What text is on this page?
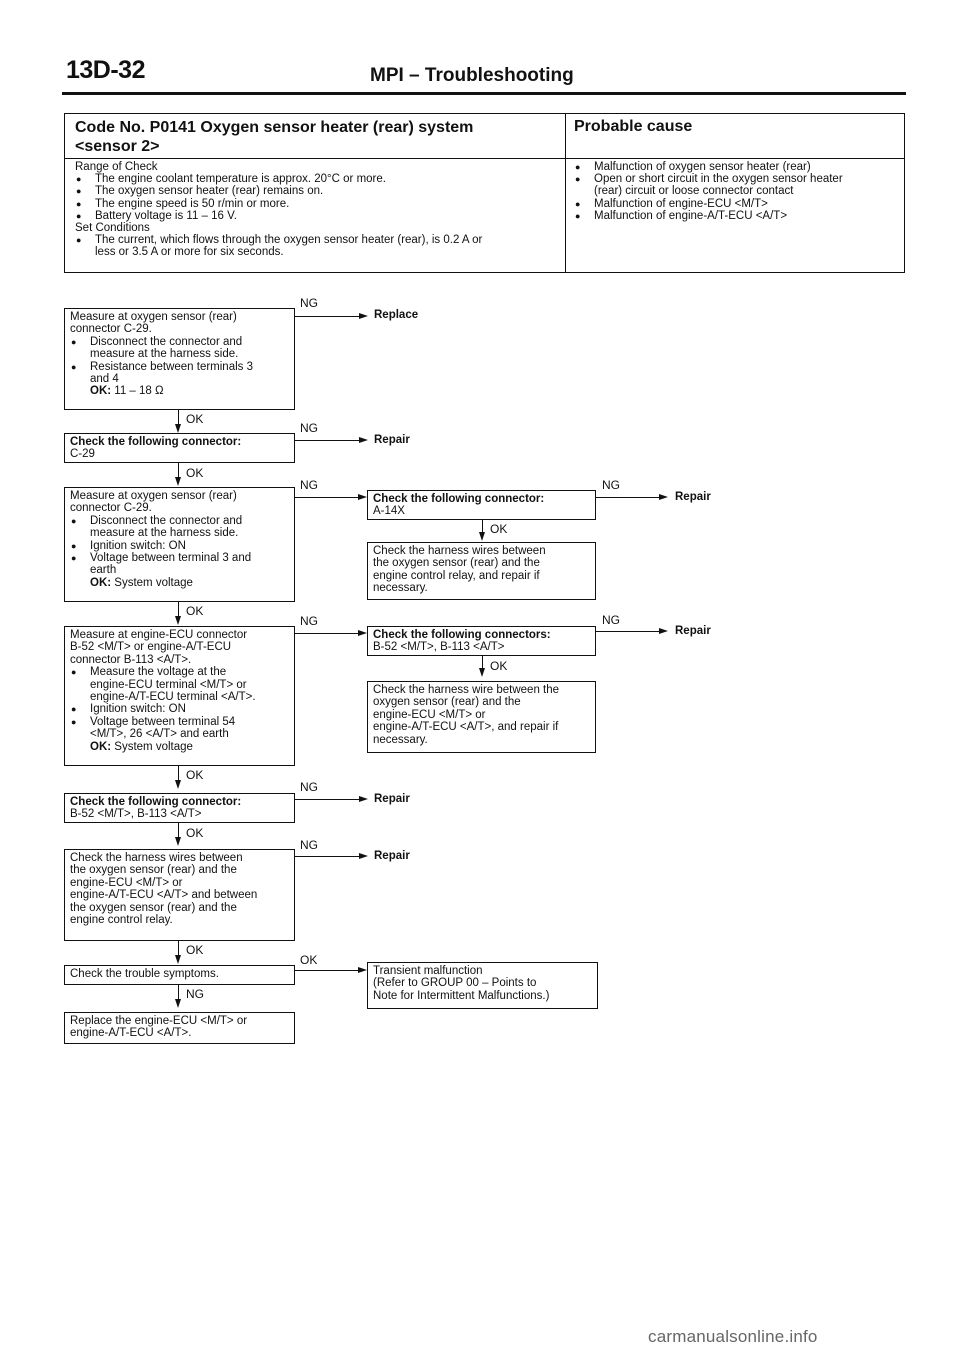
13D-32	MPI – Troubleshooting
Code No. P0141 Oxygen sensor heater (rear) system
<sensor 2>
Probable cause
Range of Check
● The engine coolant temperature is approx. 20°C or more.
● The oxygen sensor heater (rear) remains on.
● The engine speed is 50 r/min or more.
● Battery voltage is 11 – 16 V.
Set Conditions
● The current, which flows through the oxygen sensor heater (rear), is 0.2 A or
less or 3.5 A or more for six seconds.
● Malfunction of oxygen sensor heater (rear)
● Open or short circuit in the oxygen sensor heater
(rear) circuit or loose connector contact
● Malfunction of engine-ECU <M/T>
● Malfunction of engine-A/T-ECU <A/T>
Measure at oxygen sensor (rear)
connector C-29.
● Disconnect the connector and
measure at the harness side.
● Resistance between terminals 3
and 4
OK: 11 – 18 Ω
NG
Replace
OK
Check the following connector:
C-29
NG
Repair
OK
Measure at oxygen sensor (rear)
connector C-29.
● Disconnect the connector and
measure at the harness side.
● Ignition switch: ON
● Voltage between terminal 3 and
earth
OK: System voltage
NG
Check the following connector:
A-14X
NG
Repair
OK
Check the harness wires between
the oxygen sensor (rear) and the
engine control relay, and repair if
necessary.
OK
Measure at engine-ECU connector
B-52 <M/T> or engine-A/T-ECU
connector B-113 <A/T>.
● Measure the voltage at the
engine-ECU terminal <M/T> or
engine-A/T-ECU terminal <A/T>.
● Ignition switch: ON
● Voltage between terminal 54
<M/T>, 26 <A/T> and earth
OK: System voltage
NG
Check the following connectors:
B-52 <M/T>, B-113 <A/T>
NG
Repair
OK
Check the harness wire between the
oxygen sensor (rear) and the
engine-ECU <M/T> or
engine-A/T-ECU <A/T>, and repair if
necessary.
OK
Check the following connector:
B-52 <M/T>, B-113 <A/T>
NG
Repair
OK
Check the harness wires between
the oxygen sensor (rear) and the
engine-ECU <M/T> or
engine-A/T-ECU <A/T> and between
the oxygen sensor (rear) and the
engine control relay.
NG
Repair
OK
Check the trouble symptoms.
OK
Transient malfunction
(Refer to GROUP 00 – Points to
Note for Intermittent Malfunctions.)
NG
Replace the engine-ECU <M/T> or
engine-A/T-ECU <A/T>.
carmanualsonline.info
